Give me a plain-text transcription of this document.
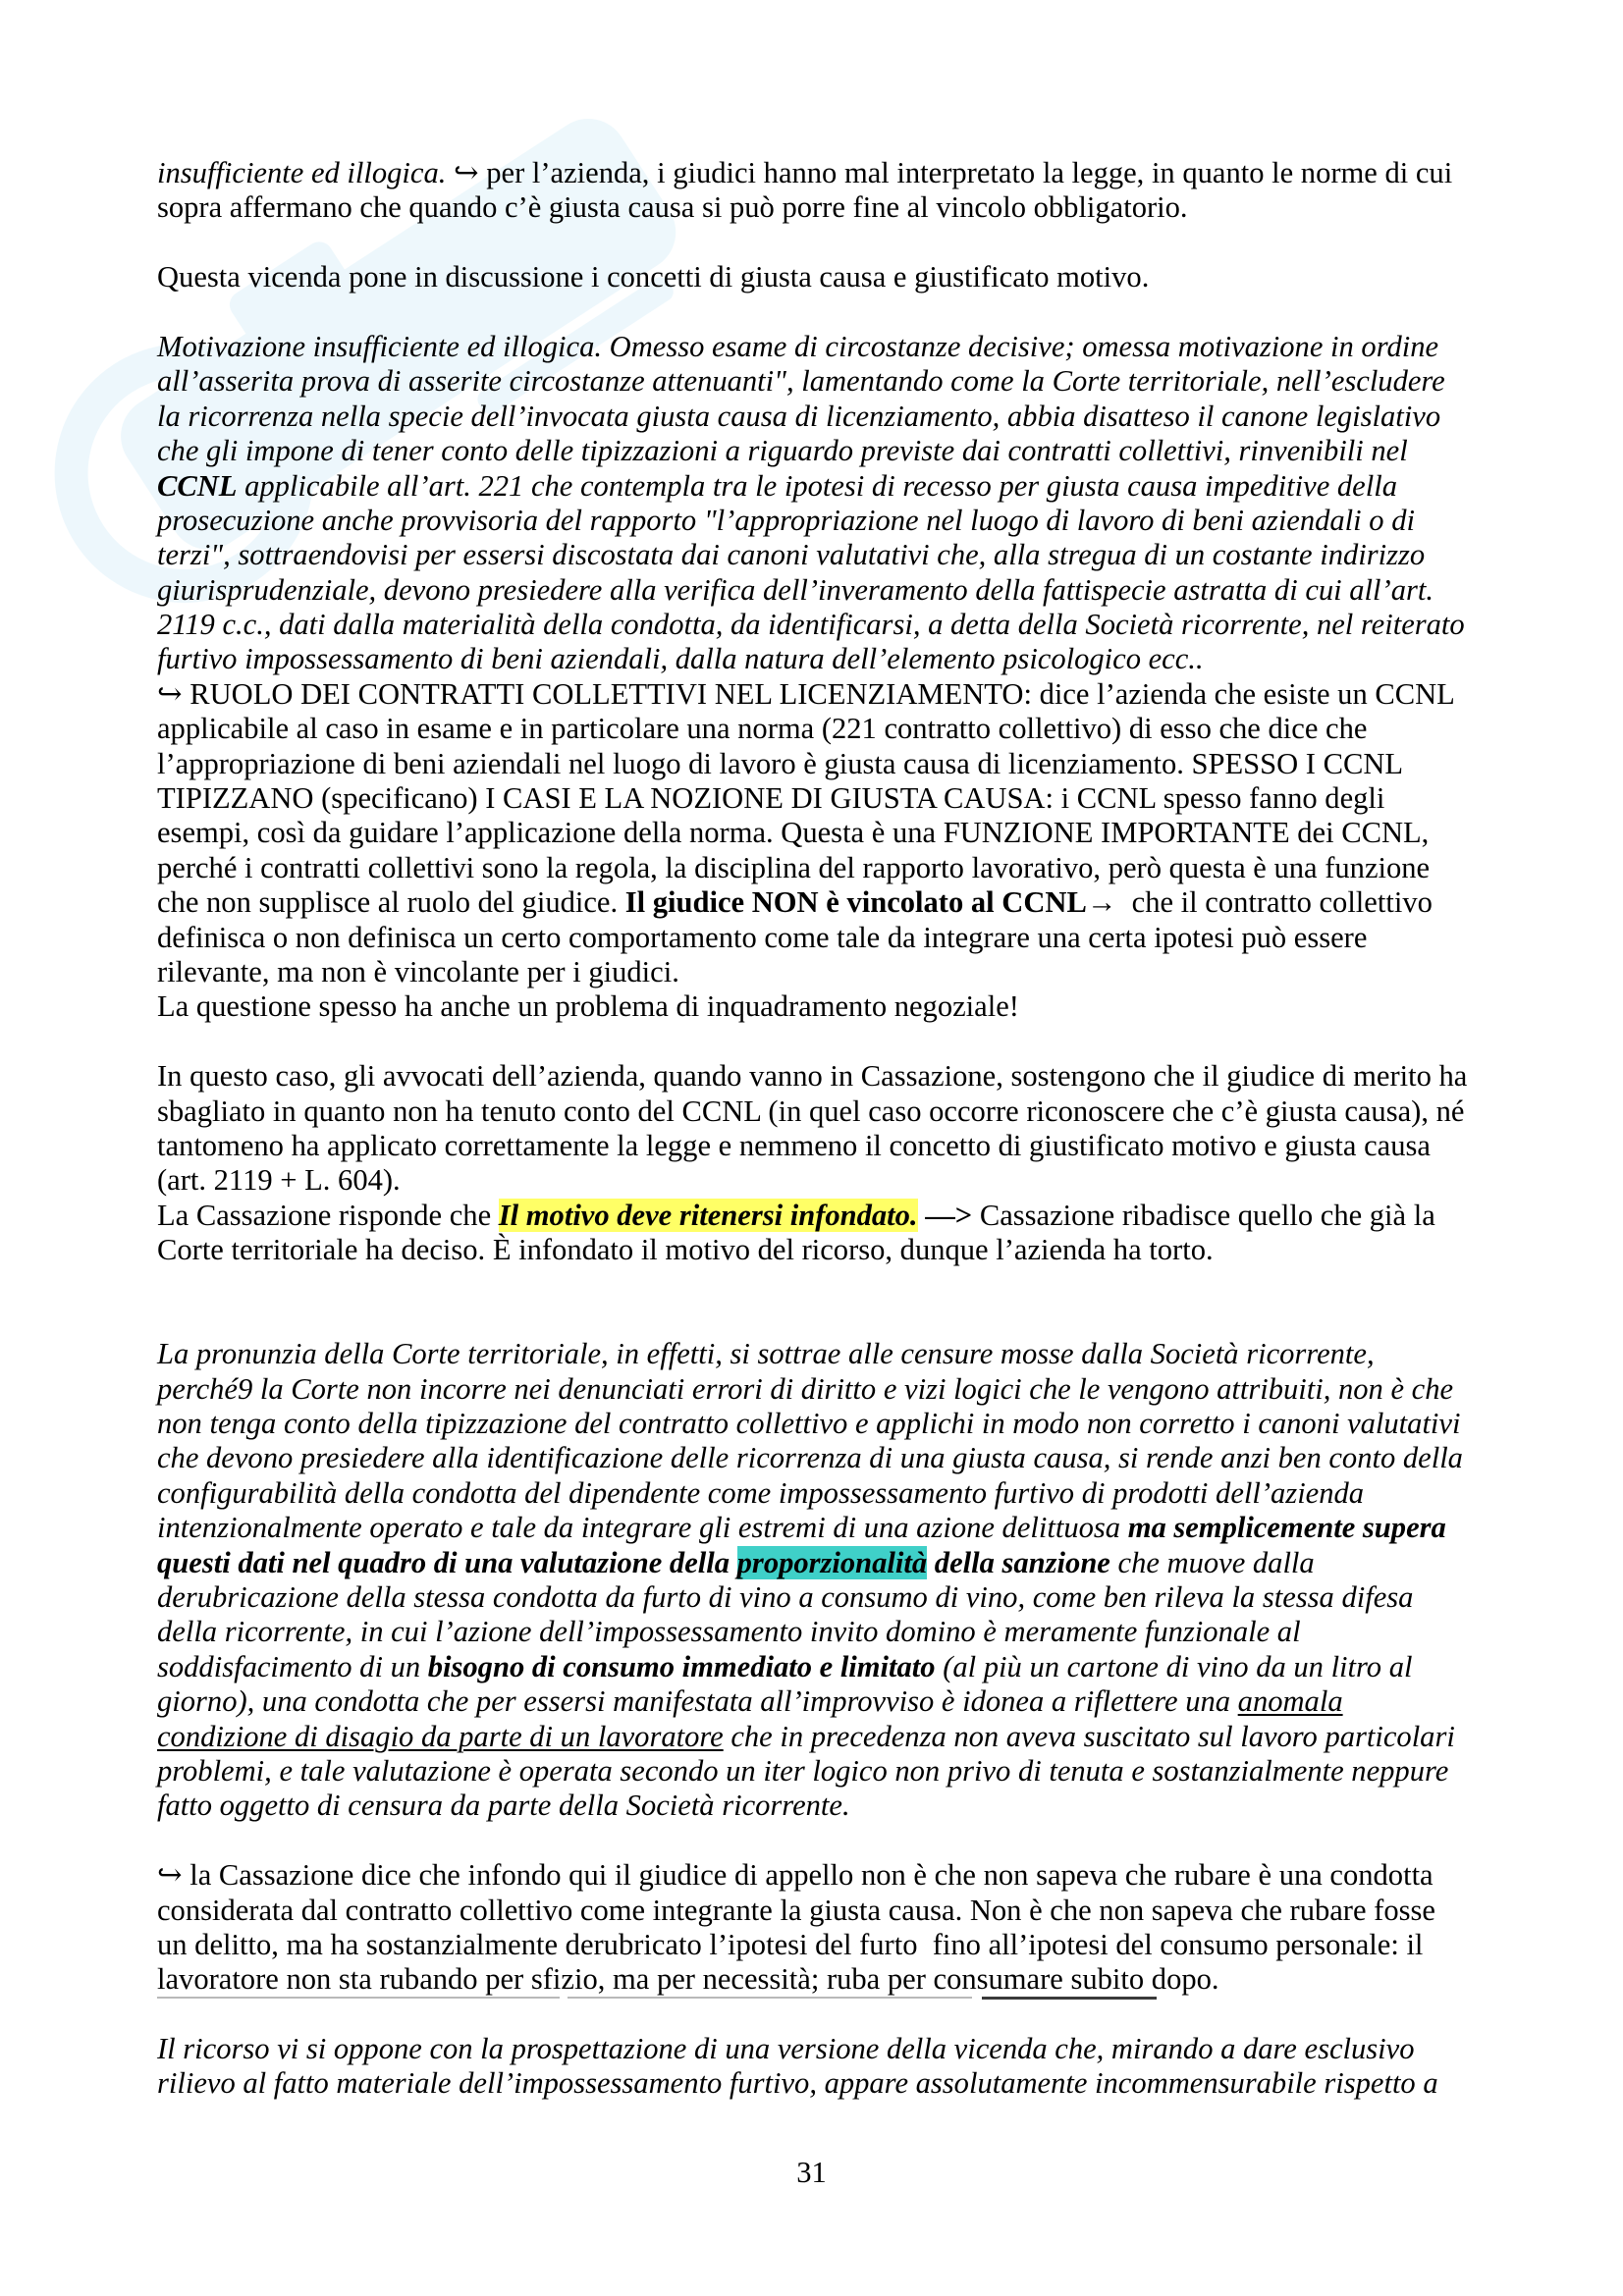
insufficiente ed illogica. ↪ per l’azienda, i giudici hanno mal interpretato la legge, in quanto le norme di cui
sopra affermano che quando c’è giusta causa si può porre fine al vincolo obbligatorio.
Questa vicenda pone in discussione i concetti di giusta causa e giustificato motivo.
Motivazione insufficiente ed illogica. Omesso esame di circostanze decisive; omessa motivazione in ordine
all’asserita prova di asserite circostanze attenuanti", lamentando come la Corte territoriale, nell’escludere
la ricorrenza nella specie dell’invocata giusta causa di licenziamento, abbia disatteso il canone legislativo
che gli impone di tener conto delle tipizzazioni a riguardo previste dai contratti collettivi, rinvenibili nel
CCNL applicabile all’art. 221 che contempla tra le ipotesi di recesso per giusta causa impeditive della
prosecuzione anche provvisoria del rapporto "l’appropriazione nel luogo di lavoro di beni aziendali o di
terzi", sottraendovisi per essersi discostata dai canoni valutativi che, alla stregua di un costante indirizzo
giurisprudenziale, devono presiedere alla verifica dell’inveramento della fattispecie astratta di cui all’art.
2119 c.c., dati dalla materialità della condotta, da identificarsi, a detta della Società ricorrente, nel reiterato
furtivo impossessamento di beni aziendali, dalla natura dell’elemento psicologico ecc..
↪ RUOLO DEI CONTRATTI COLLETTIVI NEL LICENZIAMENTO: dice l’azienda che esiste un CCNL
applicabile al caso in esame e in particolare una norma (221 contratto collettivo) di esso che dice che
l’appropriazione di beni aziendali nel luogo di lavoro è giusta causa di licenziamento. SPESSO I CCNL
TIPIZZANO (specificano) I CASI E LA NOZIONE DI GIUSTA CAUSA: i CCNL spesso fanno degli
esempi, così da guidare l’applicazione della norma. Questa è una FUNZIONE IMPORTANTE dei CCNL,
perché i contratti collettivi sono la regola, la disciplina del rapporto lavorativo, però questa è una funzione
che non supplisce al ruolo del giudice. Il giudice NON è vincolato al CCNL→  che il contratto collettivo
definisca o non definisca un certo comportamento come tale da integrare una certa ipotesi può essere
rilevante, ma non è vincolante per i giudici.
La questione spesso ha anche un problema di inquadramento negoziale!
In questo caso, gli avvocati dell’azienda, quando vanno in Cassazione, sostengono che il giudice di merito ha
sbagliato in quanto non ha tenuto conto del CCNL (in quel caso occorre riconoscere che c’è giusta causa), né
tantomeno ha applicato correttamente la legge e nemmeno il concetto di giustificato motivo e giusta causa
(art. 2119 + L. 604).
La Cassazione risponde che Il motivo deve ritenersi infondato. —> Cassazione ribadisce quello che già la
Corte territoriale ha deciso. È infondato il motivo del ricorso, dunque l’azienda ha torto.
La pronunzia della Corte territoriale, in effetti, si sottrae alle censure mosse dalla Società ricorrente,
perché9 la Corte non incorre nei denunciati errori di diritto e vizi logici che le vengono attribuiti, non è che
non tenga conto della tipizzazione del contratto collettivo e applichi in modo non corretto i canoni valutativi
che devono presiedere alla identificazione delle ricorrenza di una giusta causa, si rende anzi ben conto della
configurabilità della condotta del dipendente come impossessamento furtivo di prodotti dell’azienda
intenzionalmente operato e tale da integrare gli estremi di una azione delittuosa ma semplicemente supera
questi dati nel quadro di una valutazione della proporzionalità della sanzione che muove dalla
derubricazione della stessa condotta da furto di vino a consumo di vino, come ben rileva la stessa difesa
della ricorrente, in cui l’azione dell’impossessamento invito domino è meramente funzionale al
soddisfacimento di un bisogno di consumo immediato e limitato (al più un cartone di vino da un litro al
giorno), una condotta che per essersi manifestata all’improvviso è idonea a riflettere una anomala
condizione di disagio da parte di un lavoratore che in precedenza non aveva suscitato sul lavoro particolari
problemi, e tale valutazione è operata secondo un iter logico non privo di tenuta e sostanzialmente neppure
fatto oggetto di censura da parte della Società ricorrente.
↪ la Cassazione dice che infondo qui il giudice di appello non è che non sapeva che rubare è una condotta
considerata dal contratto collettivo come integrante la giusta causa. Non è che non sapeva che rubare fosse
un delitto, ma ha sostanzialmente derubricato l’ipotesi del furto  fino all’ipotesi del consumo personale: il
lavoratore non sta rubando per sfizio, ma per necessità; ruba per consumare subito dopo.
Il ricorso vi si oppone con la prospettazione di una versione della vicenda che, mirando a dare esclusivo
rilievo al fatto materiale dell’impossessamento furtivo, appare assolutamente incommensurabile rispetto a
31
